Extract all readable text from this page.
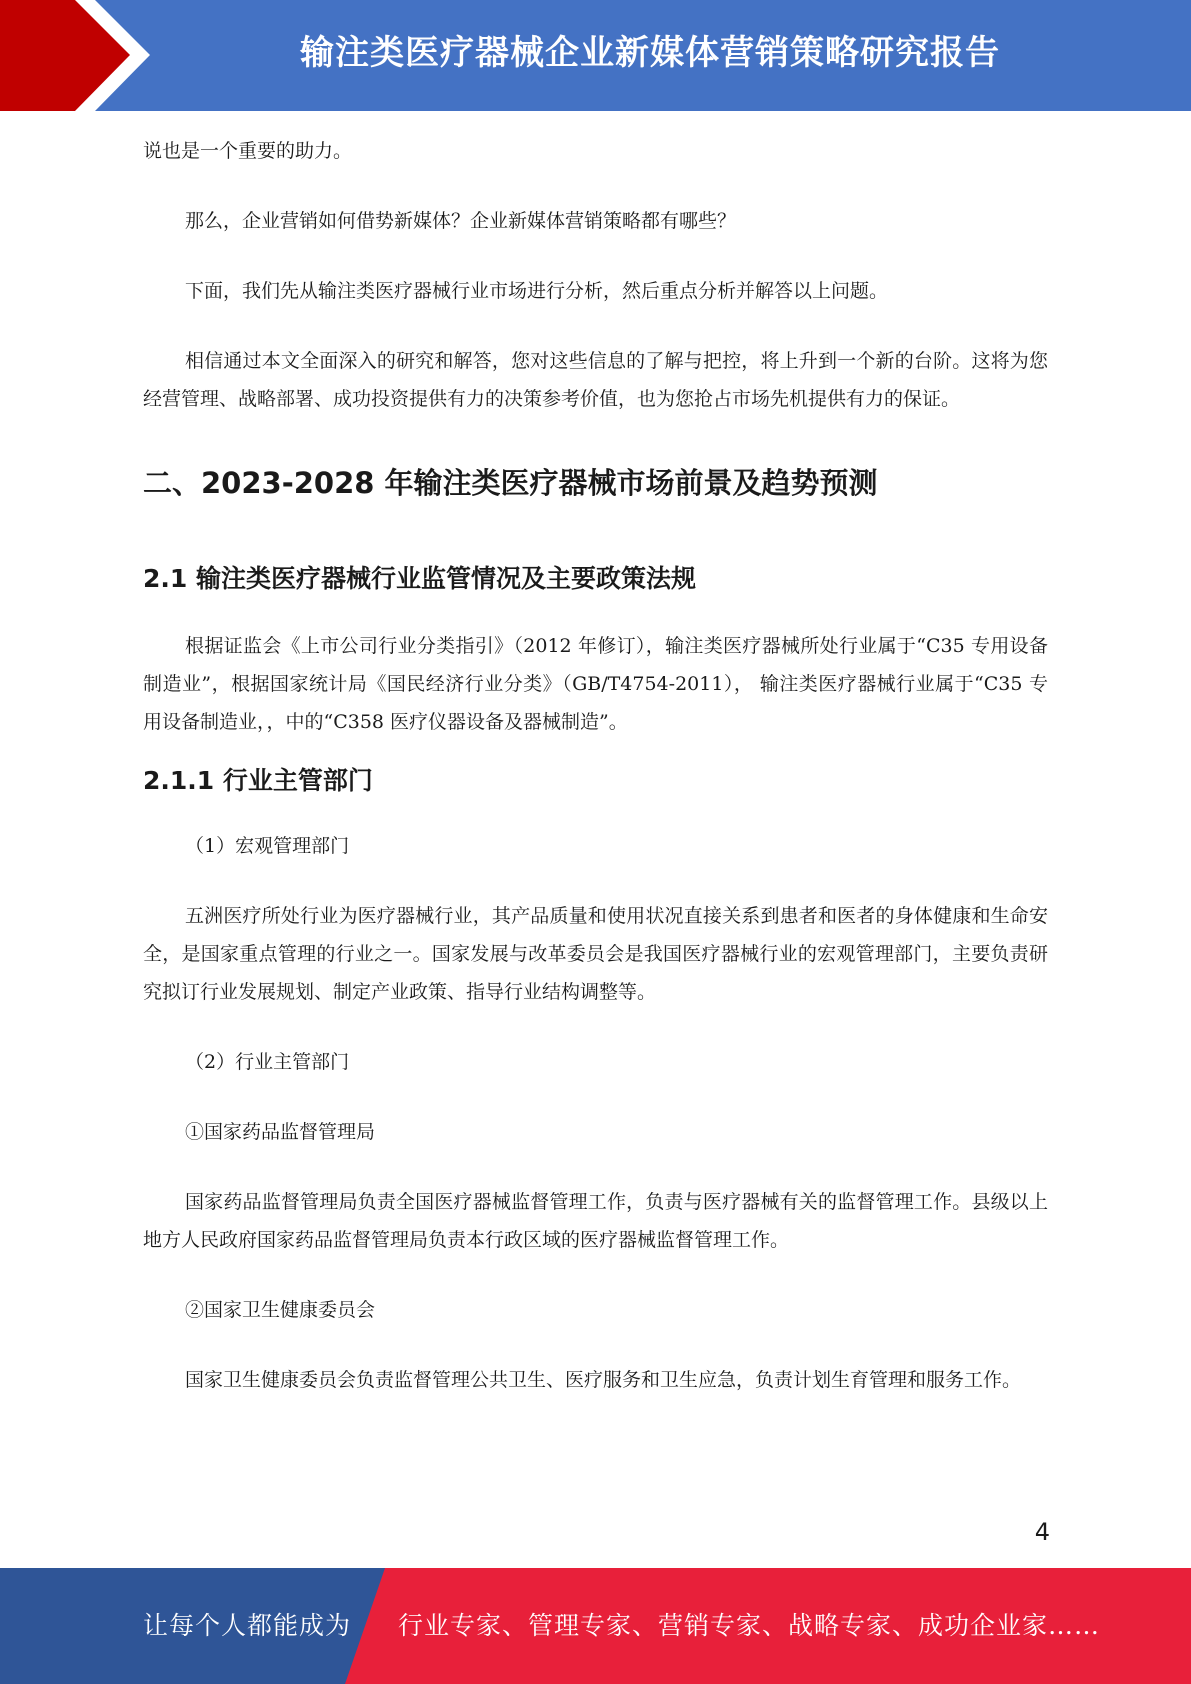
输注类医疗器械企业新媒体营销策略研究报告

说也是一个重要的助力。

那么，企业营销如何借势新媒体？企业新媒体营销策略都有哪些？

下面，我们先从输注类医疗器械行业市场进行分析，然后重点分析并解答以上问题。

相信通过本文全面深入的研究和解答，您对这些信息的了解与把控，将上升到一个新的台阶。这将为您经营管理、战略部署、成功投资提供有力的决策参考价值，也为您抢占市场先机提供有力的保证。

二、2023-2028 年输注类医疗器械市场前景及趋势预测
2.1 输注类医疗器械行业监管情况及主要政策法规

根据证监会《上市公司行业分类指引》（2012 年修订），输注类医疗器械所处行业属于“C35 专用设备制造业”，根据国家统计局《国民经济行业分类》（GB/T4754-2011）， 输注类医疗器械行业属于“C35 专用设备制造业，，中的“C358 医疗仪器设备及器械制造”。

2.1.1 行业主管部门

（1）宏观管理部门

五洲医疗所处行业为医疗器械行业，其产品质量和使用状况直接关系到患者和医者的身体健康和生命安全，是国家重点管理的行业之一。国家发展与改革委员会是我国医疗器械行业的宏观管理部门，主要负责研究拟订行业发展规划、制定产业政策、指导行业结构调整等。

（2）行业主管部门

①国家药品监督管理局

国家药品监督管理局负责全国医疗器械监督管理工作，负责与医疗器械有关的监督管理工作。县级以上地方人民政府国家药品监督管理局负责本行政区域的医疗器械监督管理工作。

②国家卫生健康委员会

国家卫生健康委员会负责监督管理公共卫生、医疗服务和卫生应急，负责计划生育管理和服务工作。

4
让每个人都能成为 行业专家、管理专家、营销专家、战略专家、成功企业家……
